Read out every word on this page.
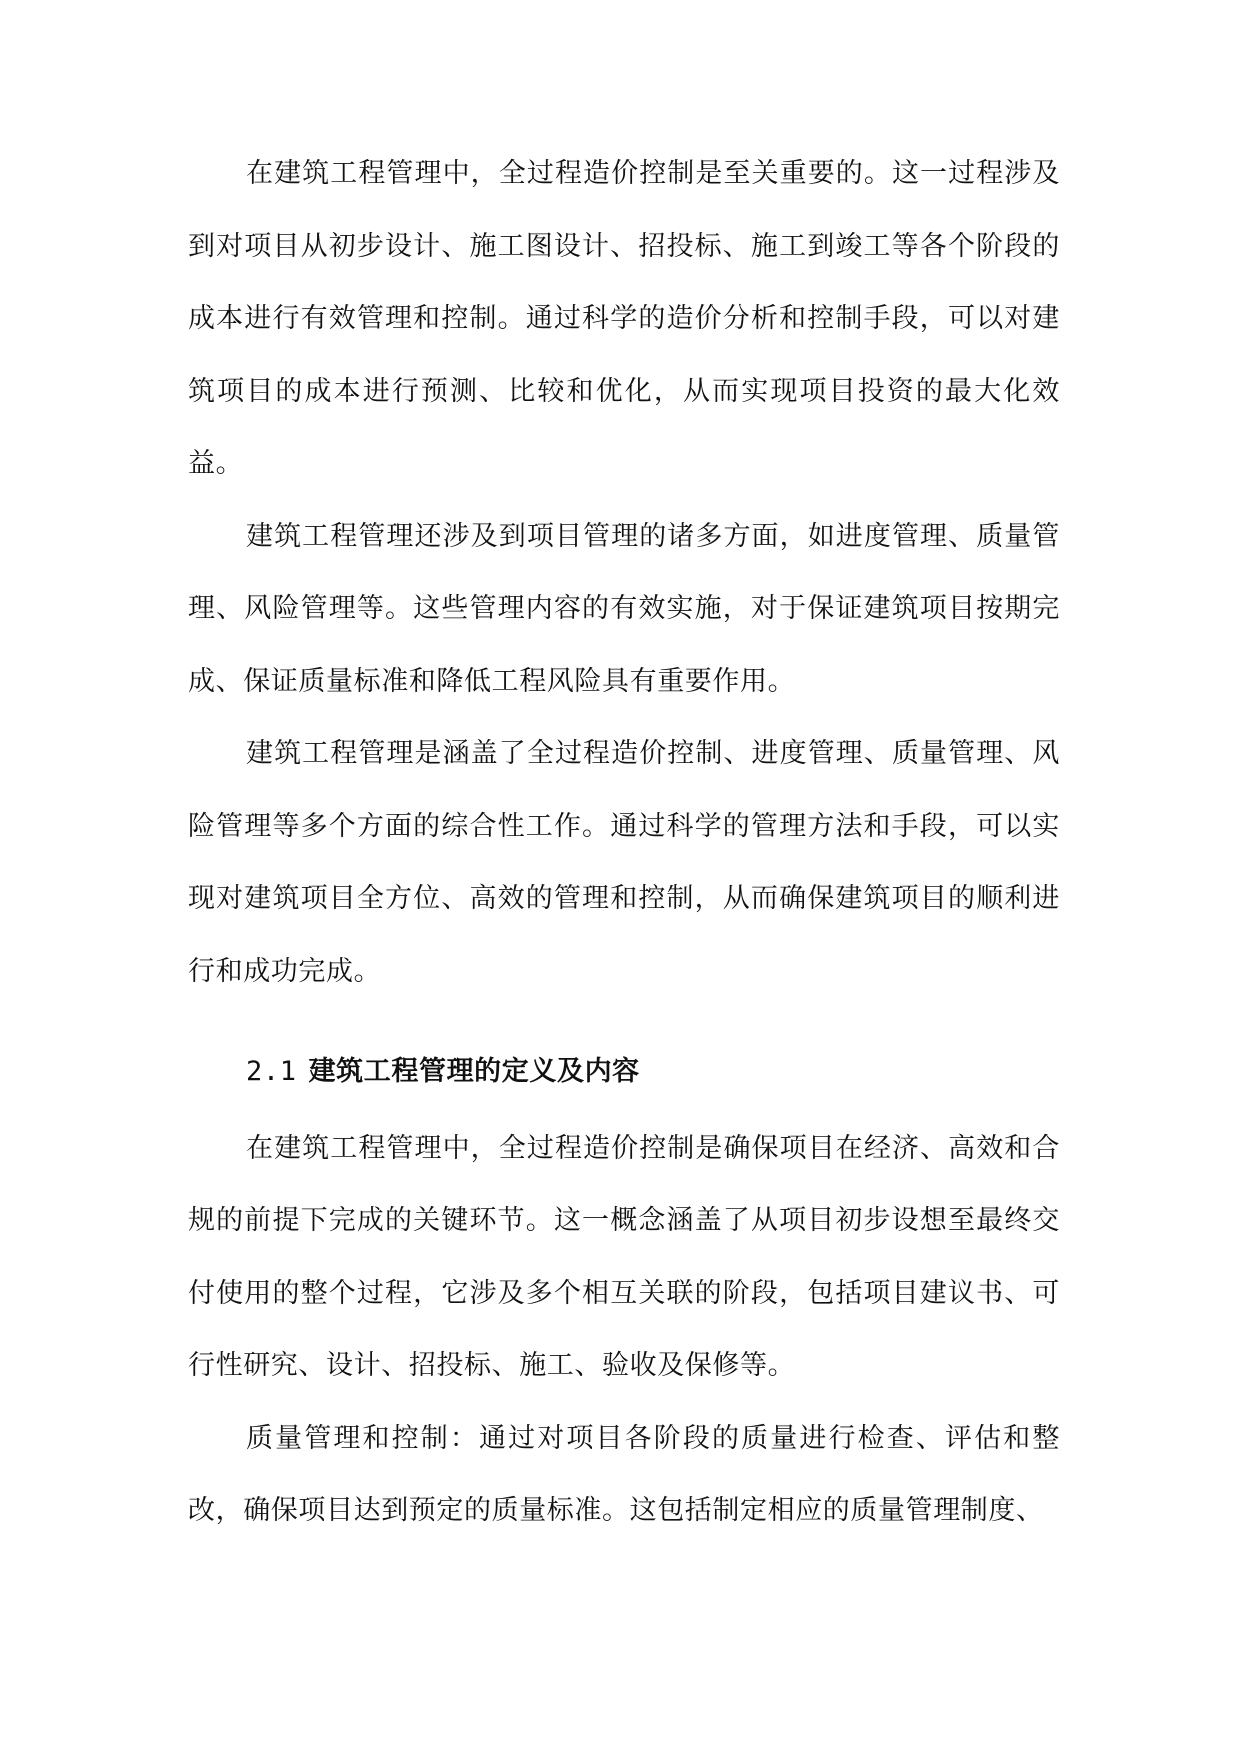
在建筑工程管理中，全过程造价控制是至关重要的。这一过程涉及到对项目从初步设计、施工图设计、招投标、施工到竣工等各个阶段的成本进行有效管理和控制。通过科学的造价分析和控制手段，可以对建筑项目的成本进行预测、比较和优化，从而实现项目投资的最大化效益。

建筑工程管理还涉及到项目管理的诸多方面，如进度管理、质量管理、风险管理等。这些管理内容的有效实施，对于保证建筑项目按期完成、保证质量标准和降低工程风险具有重要作用。

建筑工程管理是涵盖了全过程造价控制、进度管理、质量管理、风险管理等多个方面的综合性工作。通过科学的管理方法和手段，可以实现对建筑项目全方位、高效的管理和控制，从而确保建筑项目的顺利进行和成功完成。

2.1 建筑工程管理的定义及内容

在建筑工程管理中，全过程造价控制是确保项目在经济、高效和合规的前提下完成的关键环节。这一概念涵盖了从项目初步设想至最终交付使用的整个过程，它涉及多个相互关联的阶段，包括项目建议书、可行性研究、设计、招投标、施工、验收及保修等。

质量管理和控制：通过对项目各阶段的质量进行检查、评估和整改，确保项目达到预定的质量标准。这包括制定相应的质量管理制度、
